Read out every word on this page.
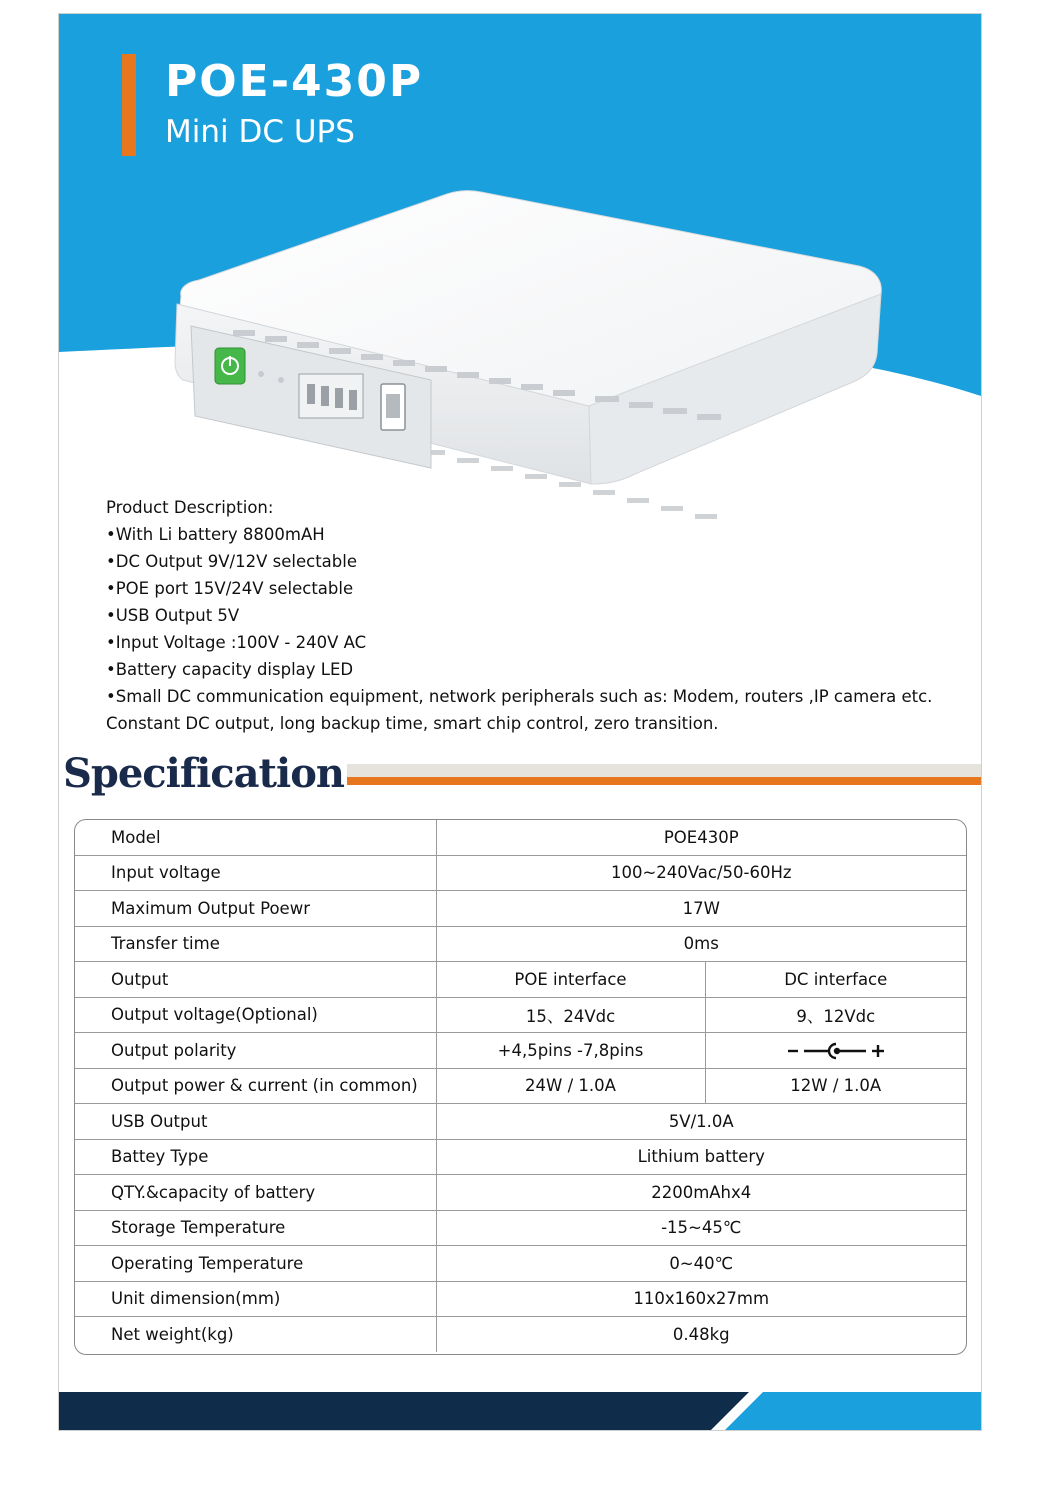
POE-430P
Mini DC UPS
Product Description:
•With Li battery 8800mAH
•DC Output 9V/12V selectable
•POE port 15V/24V selectable
•USB Output 5V
•Input Voltage :100V - 240V AC
•Battery capacity display LED
•Small DC communication equipment, network peripherals such as: Modem, routers ,IP camera etc.
Constant DC output, long backup time, smart chip control, zero transition.
Specification
Model	POE430P	
Input voltage	100~240Vac/50-60Hz	
Maximum Output Poewr	17W	
Transfer time	0ms	
Output	POE interface	DC interface
Output voltage(Optional)	15、24Vdc	9、12Vdc
Output polarity	+4,5pins -7,8pins	
Output power & current (in common)	24W / 1.0A	12W / 1.0A
USB Output	5V/1.0A	
Battey Type	Lithium battery	
QTY.&capacity of battery	2200mAhx4	
Storage Temperature	-15~45℃	
Operating Temperature	0~40℃	
Unit dimension(mm)	110x160x27mm	
Net weight(kg)	0.48kg	
